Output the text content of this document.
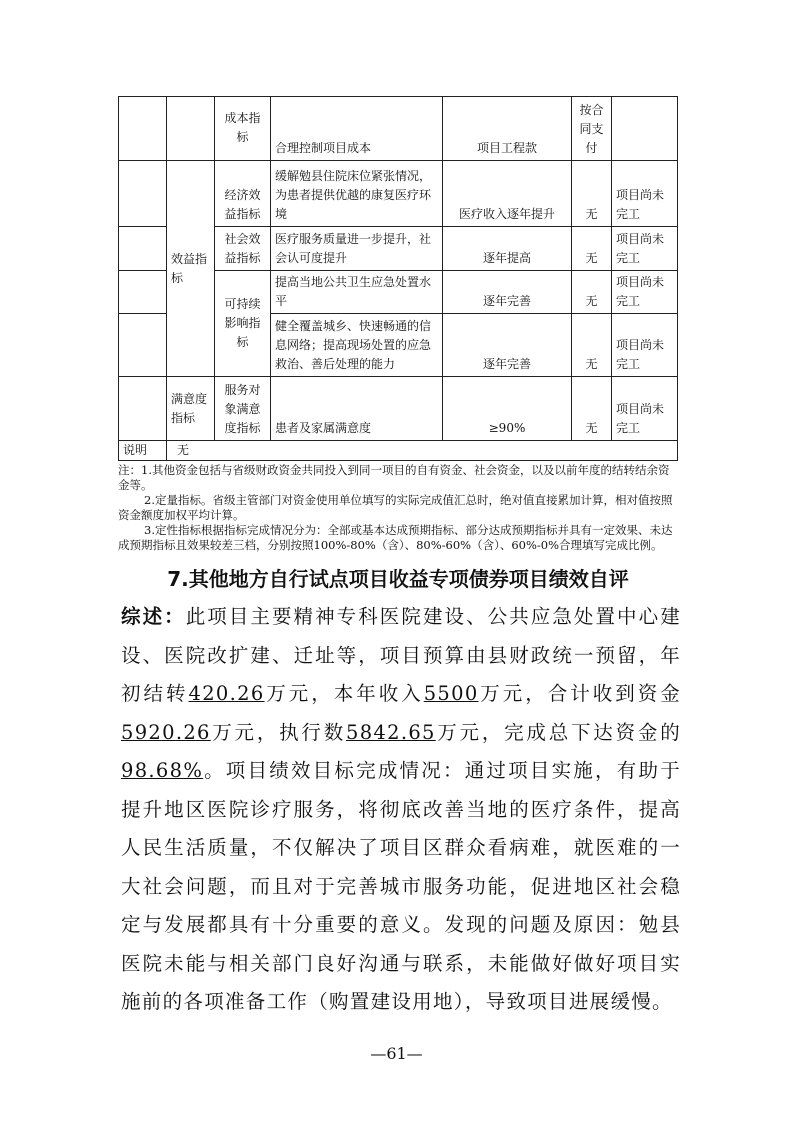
		成本指标	合理控制项目成本	项目工程款	按合同支付	

	效益指标	经济效益指标	缓解勉县住院床位紧张情况，为患者提供优越的康复医疗环境	医疗收入逐年提升	无	项目尚未完工

		社会效益指标	医疗服务质量进一步提升，社会认可度提升	逐年提高	无	项目尚未完工

		可持续影响指标	提高当地公共卫生应急处置水平	逐年完善	无	项目尚未完工

			健全覆盖城乡、快速畅通的信息网络；提高现场处置的应急救治、善后处理的能力	逐年完善	无	项目尚未完工

	满意度指标	服务对象满意度指标	患者及家属满意度	≥90%	无	项目尚未完工

说明	无					

注：1.其他资金包括与省级财政资金共同投入到同一项目的自有资金、社会资金，以及以前年度的结转结余资金等。

2.定量指标。省级主管部门对资金使用单位填写的实际完成值汇总时，绝对值直接累加计算，相对值按照资金额度加权平均计算。

3.定性指标根据指标完成情况分为：全部或基本达成预期指标、部分达成预期指标并具有一定效果、未达成预期指标且效果较差三档，分别按照100%-80%（含）、80%-60%（含）、60%-0%合理填写完成比例。

7.其他地方自行试点项目收益专项债券项目绩效自评

综述：此项目主要精神专科医院建设、公共应急处置中心建设、医院改扩建、迁址等，项目预算由县财政统一预留，年初结转420.26万元，本年收入5500万元，合计收到资金5920.26万元，执行数5842.65万元，完成总下达资金的98.68%。项目绩效目标完成情况：通过项目实施，有助于提升地区医院诊疗服务，将彻底改善当地的医疗条件，提高人民生活质量，不仅解决了项目区群众看病难，就医难的一大社会问题，而且对于完善城市服务功能，促进地区社会稳定与发展都具有十分重要的意义。发现的问题及原因：勉县医院未能与相关部门良好沟通与联系，未能做好做好项目实施前的各项准备工作（购置建设用地），导致项目进展缓慢。

—61—
